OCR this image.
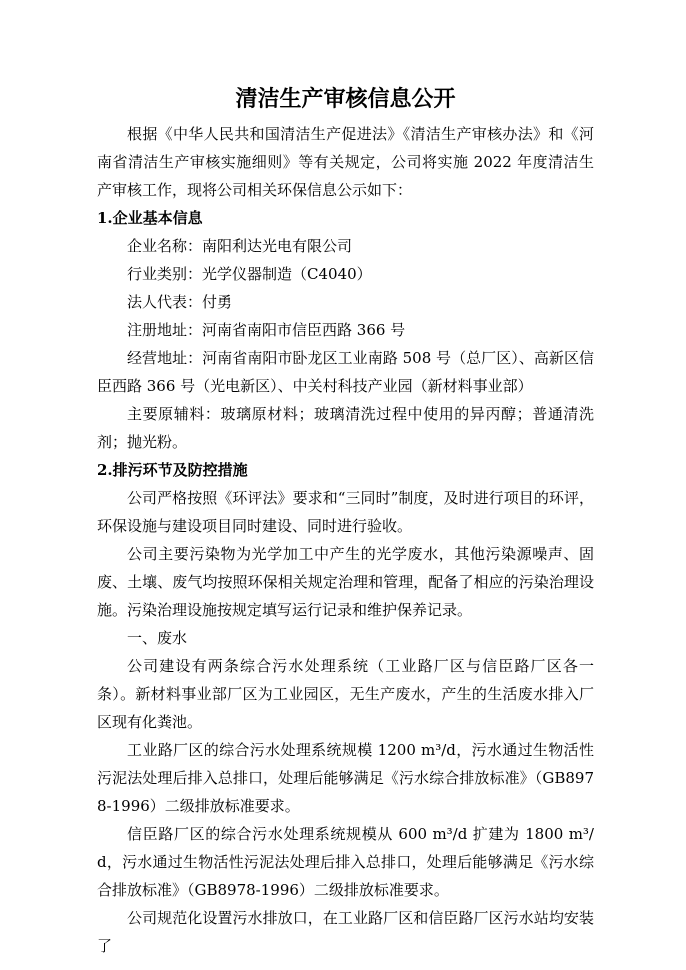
清洁生产审核信息公开

根据《中华人民共和国清洁生产促进法》《清洁生产审核办法》和《河南省清洁生产审核实施细则》等有关规定，公司将实施 2022 年度清洁生产审核工作，现将公司相关环保信息公示如下：

1.企业基本信息

企业名称：南阳利达光电有限公司

行业类别：光学仪器制造（C4040）

法人代表：付勇

注册地址：河南省南阳市信臣西路 366 号

经营地址：河南省南阳市卧龙区工业南路 508 号（总厂区）、高新区信臣西路 366 号（光电新区）、中关村科技产业园（新材料事业部）

主要原辅料：玻璃原材料；玻璃清洗过程中使用的异丙醇；普通清洗剂；抛光粉。

2.排污环节及防控措施

公司严格按照《环评法》要求和“三同时”制度，及时进行项目的环评，环保设施与建设项目同时建设、同时进行验收。

公司主要污染物为光学加工中产生的光学废水，其他污染源噪声、固废、土壤、废气均按照环保相关规定治理和管理，配备了相应的污染治理设施。污染治理设施按规定填写运行记录和维护保养记录。

一、废水

公司建设有两条综合污水处理系统（工业路厂区与信臣路厂区各一条）。新材料事业部厂区为工业园区，无生产废水，产生的生活废水排入厂区现有化粪池。

工业路厂区的综合污水处理系统规模 1200 m³/d，污水通过生物活性污泥法处理后排入总排口，处理后能够满足《污水综合排放标准》（GB8978-1996）二级排放标准要求。

信臣路厂区的综合污水处理系统规模从 600 m³/d 扩建为 1800 m³/d，污水通过生物活性污泥法处理后排入总排口，处理后能够满足《污水综合排放标准》（GB8978-1996）二级排放标准要求。

公司规范化设置污水排放口，在工业路厂区和信臣路厂区污水站均安装了
